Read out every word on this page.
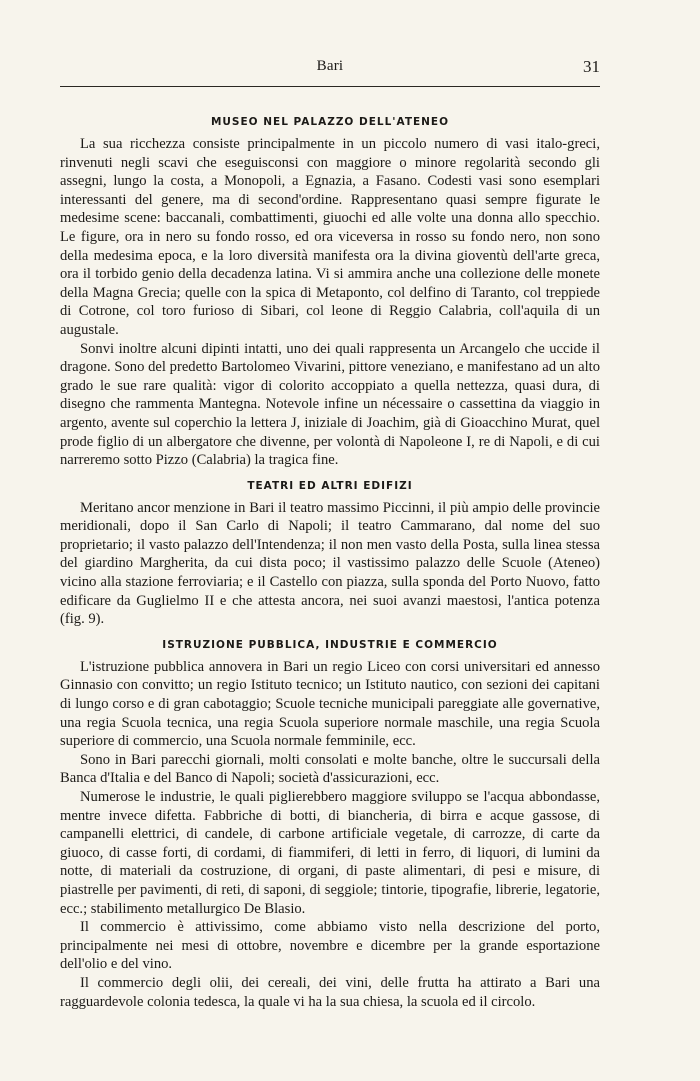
Bari	31
MUSEO NEL PALAZZO DELL'ATENEO

La sua ricchezza consiste principalmente in un piccolo numero di vasi italo-greci, rinvenuti negli scavi che eseguisconsi con maggiore o minore regolarità secondo gli assegni, lungo la costa, a Monopoli, a Egnazia, a Fasano. Codesti vasi sono esemplari interessanti del genere, ma di second'ordine. Rappresentano quasi sempre figurate le medesime scene: baccanali, combattimenti, giuochi ed alle volte una donna allo specchio. Le figure, ora in nero su fondo rosso, ed ora viceversa in rosso su fondo nero, non sono della medesima epoca, e la loro diversità manifesta ora la divina gioventù dell'arte greca, ora il torbido genio della decadenza latina. Vi si ammira anche una collezione delle monete della Magna Grecia; quelle con la spica di Metaponto, col delfino di Taranto, col treppiede di Cotrone, col toro furioso di Sibari, col leone di Reggio Calabria, coll'aquila di un augustale.

Sonvi inoltre alcuni dipinti intatti, uno dei quali rappresenta un Arcangelo che uccide il dragone. Sono del predetto Bartolomeo Vivarini, pittore veneziano, e manifestano ad un alto grado le sue rare qualità: vigor di colorito accoppiato a quella nettezza, quasi dura, di disegno che rammenta Mantegna. Notevole infine un nécessaire o cassettina da viaggio in argento, avente sul coperchio la lettera J, iniziale di Joachim, già di Gioacchino Murat, quel prode figlio di un albergatore che divenne, per volontà di Napoleone I, re di Napoli, e di cui narreremo sotto Pizzo (Calabria) la tragica fine.

TEATRI ED ALTRI EDIFIZI

Meritano ancor menzione in Bari il teatro massimo Piccinni, il più ampio delle provincie meridionali, dopo il San Carlo di Napoli; il teatro Cammarano, dal nome del suo proprietario; il vasto palazzo dell'Intendenza; il non men vasto della Posta, sulla linea stessa del giardino Margherita, da cui dista poco; il vastissimo palazzo delle Scuole (Ateneo) vicino alla stazione ferroviaria; e il Castello con piazza, sulla sponda del Porto Nuovo, fatto edificare da Guglielmo II e che attesta ancora, nei suoi avanzi maestosi, l'antica potenza (fig. 9).

ISTRUZIONE PUBBLICA, INDUSTRIE E COMMERCIO

L'istruzione pubblica annovera in Bari un regio Liceo con corsi universitari ed annesso Ginnasio con convitto; un regio Istituto tecnico; un Istituto nautico, con sezioni dei capitani di lungo corso e di gran cabotaggio; Scuole tecniche municipali pareggiate alle governative, una regia Scuola tecnica, una regia Scuola superiore normale maschile, una regia Scuola superiore di commercio, una Scuola normale femminile, ecc.

Sono in Bari parecchi giornali, molti consolati e molte banche, oltre le succursali della Banca d'Italia e del Banco di Napoli; società d'assicurazioni, ecc.

Numerose le industrie, le quali piglierebbero maggiore sviluppo se l'acqua abbondasse, mentre invece difetta. Fabbriche di botti, di biancheria, di birra e acque gassose, di campanelli elettrici, di candele, di carbone artificiale vegetale, di carrozze, di carte da giuoco, di casse forti, di cordami, di fiammiferi, di letti in ferro, di liquori, di lumini da notte, di materiali da costruzione, di organi, di paste alimentari, di pesi e misure, di piastrelle per pavimenti, di reti, di saponi, di seggiole; tintorie, tipografie, librerie, legatorie, ecc.; stabilimento metallurgico De Blasio.

Il commercio è attivissimo, come abbiamo visto nella descrizione del porto, principalmente nei mesi di ottobre, novembre e dicembre per la grande esportazione dell'olio e del vino.

Il commercio degli olii, dei cereali, dei vini, delle frutta ha attirato a Bari una ragguardevole colonia tedesca, la quale vi ha la sua chiesa, la scuola ed il circolo.
